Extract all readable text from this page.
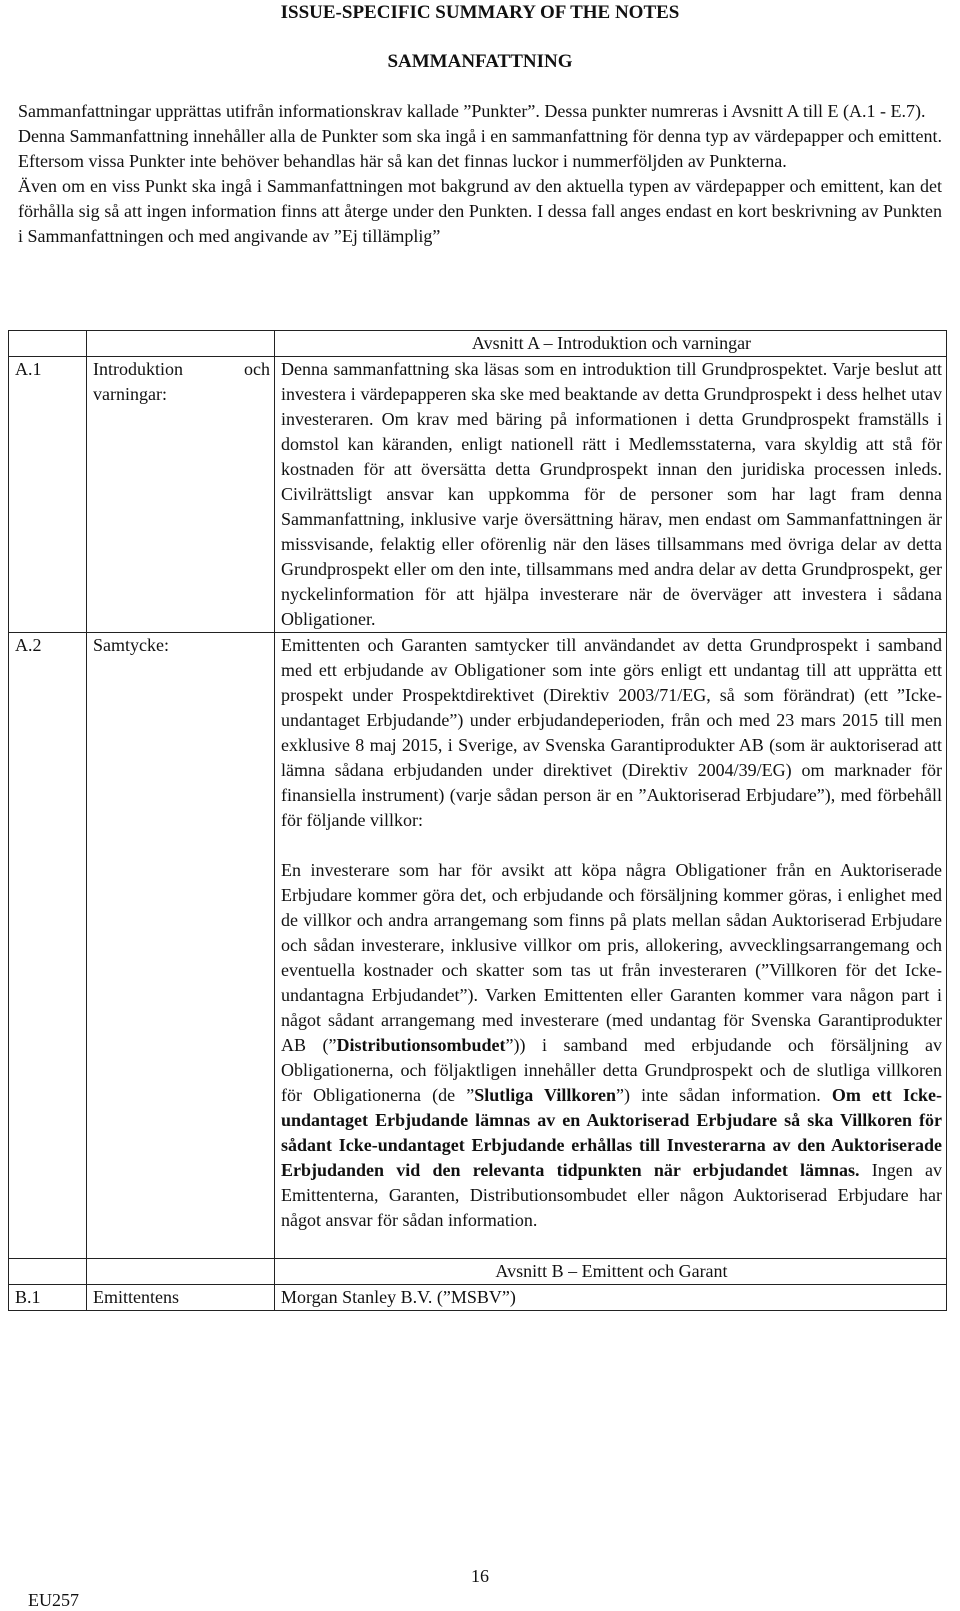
ISSUE-SPECIFIC SUMMARY OF THE NOTES
SAMMANFATTNING

Sammanfattningar upprättas utifrån informationskrav kallade ”Punkter”. Dessa punkter numreras i Avsnitt A till E (A.1 - E.7).

Denna Sammanfattning innehåller alla de Punkter som ska ingå i en sammanfattning för denna typ av värdepapper och emittent. Eftersom vissa Punkter inte behöver behandlas här så kan det finnas luckor i nummerföljden av Punkterna.

Även om en viss Punkt ska ingå i Sammanfattningen mot bakgrund av den aktuella typen av värdepapper och emittent, kan det förhålla sig så att ingen information finns att återge under den Punkten. I dessa fall anges endast en kort beskrivning av Punkten i Sammanfattningen och med angivande av ”Ej tillämplig”

		Avsnitt A – Introduktion och varningar
A.1	Introduktion och varningar:	Denna sammanfattning ska läsas som en introduktion till Grundprospektet. Varje beslut att investera i värdepapperen ska ske med beaktande av detta Grundprospekt i dess helhet utav investeraren. Om krav med bäring på informationen i detta Grundprospekt framställs i domstol kan käranden, enligt nationell rätt i Medlemsstaterna, vara skyldig att stå för kostnaden för att översätta detta Grundprospekt innan den juridiska processen inleds. Civilrättsligt ansvar kan uppkomma för de personer som har lagt fram denna Sammanfattning, inklusive varje översättning härav, men endast om Sammanfattningen är missvisande, felaktig eller oförenlig när den läses tillsammans med övriga delar av detta Grundprospekt eller om den inte, tillsammans med andra delar av detta Grundprospekt, ger nyckelinformation för att hjälpa investerare när de överväger att investera i sådana Obligationer.
A.2	Samtycke:	Emittenten och Garanten samtycker till användandet av detta Grundprospekt i samband med ett erbjudande av Obligationer som inte görs enligt ett undantag till att upprätta ett prospekt under Prospektdirektivet (Direktiv 2003/71/EG, så som förändrat) (ett ”Icke-undantaget Erbjudande”) under erbjudandeperioden, från och med 23 mars 2015 till men exklusive 8 maj 2015, i Sverige, av Svenska Garantiprodukter AB (som är auktoriserad att lämna sådana erbjudanden under direktivet (Direktiv 2004/39/EG) om marknader för finansiella instrument) (varje sådan person är en ”Auktoriserad Erbjudare”), med förbehåll för följande villkor:
En investerare som har för avsikt att köpa några Obligationer från en Auktoriserade Erbjudare kommer göra det, och erbjudande och försäljning kommer göras, i enlighet med de villkor och andra arrangemang som finns på plats mellan sådan Auktoriserad Erbjudare och sådan investerare, inklusive villkor om pris, allokering, avvecklingsarrangemang och eventuella kostnader och skatter som tas ut från investeraren (”Villkoren för det Icke-undantagna Erbjudandet”). Varken Emittenten eller Garanten kommer vara någon part i något sådant arrangemang med investerare (med undantag för Svenska Garantiprodukter AB (”Distributionsombudet”)) i samband med erbjudande och försäljning av Obligationerna, och följaktligen innehåller detta Grundprospekt och de slutliga villkoren för Obligationerna (de ”Slutliga Villkoren”) inte sådan information. Om ett Icke-undantaget Erbjudande lämnas av en Auktoriserad Erbjudare så ska Villkoren för sådant Icke-undantaget Erbjudande erhållas till Investerarna av den Auktoriserade Erbjudanden vid den relevanta tidpunkten när erbjudandet lämnas. Ingen av Emittenterna, Garanten, Distributionsombudet eller någon Auktoriserad Erbjudare har något ansvar för sådan information.

		Avsnitt B – Emittent och Garant
B.1	Emittentens	Morgan Stanley B.V. (”MSBV”)
16
EU257
